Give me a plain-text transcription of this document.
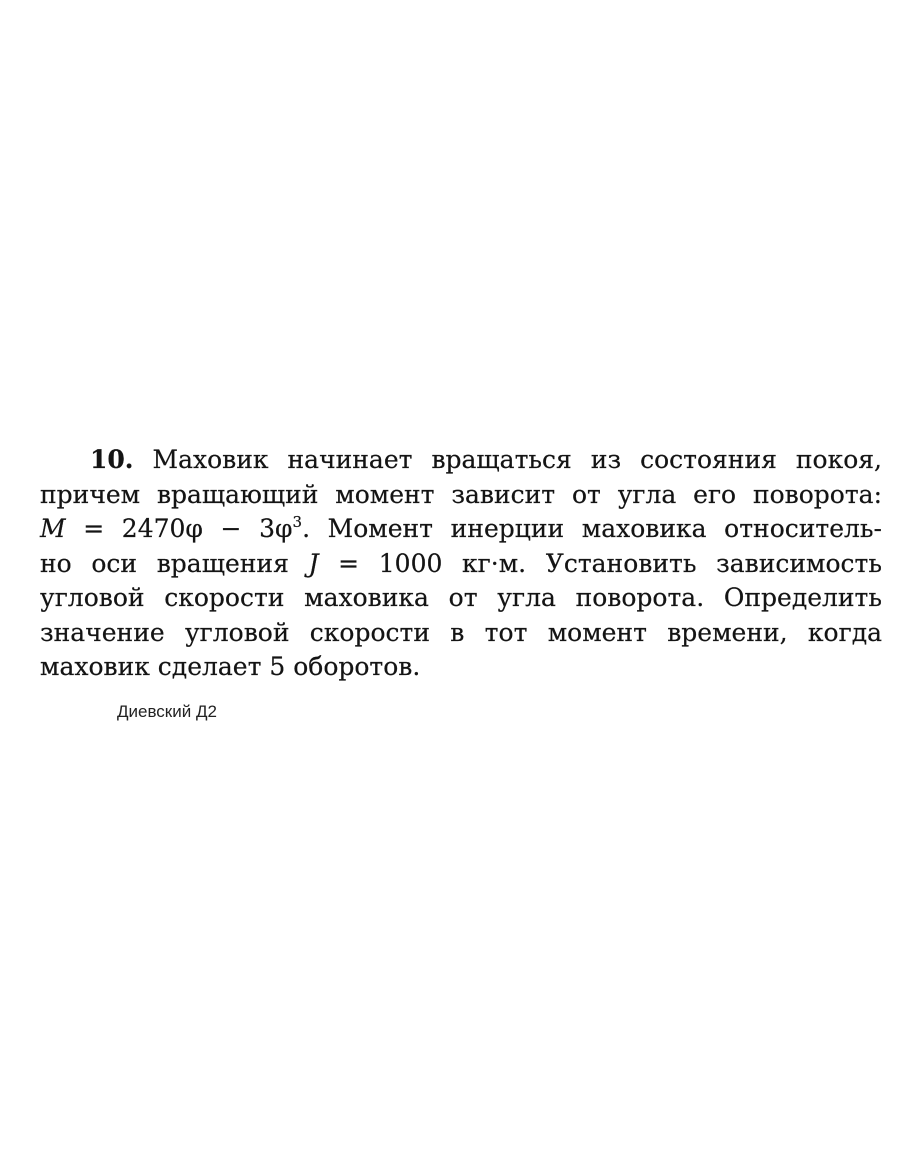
10. Маховик начинает вращаться из состояния покоя,
причем вращающий момент зависит от угла его поворота:
$M = 2470\varphi - 3\varphi^3$. Момент инерции маховика относитель-
но оси вращения J = 1000 кг·м. Установить зависимость
угловой скорости маховика от угла поворота. Определить
значение угловой скорости в тот момент времени, когда
маховик сделает 5 оборотов.
Диевский Д2
